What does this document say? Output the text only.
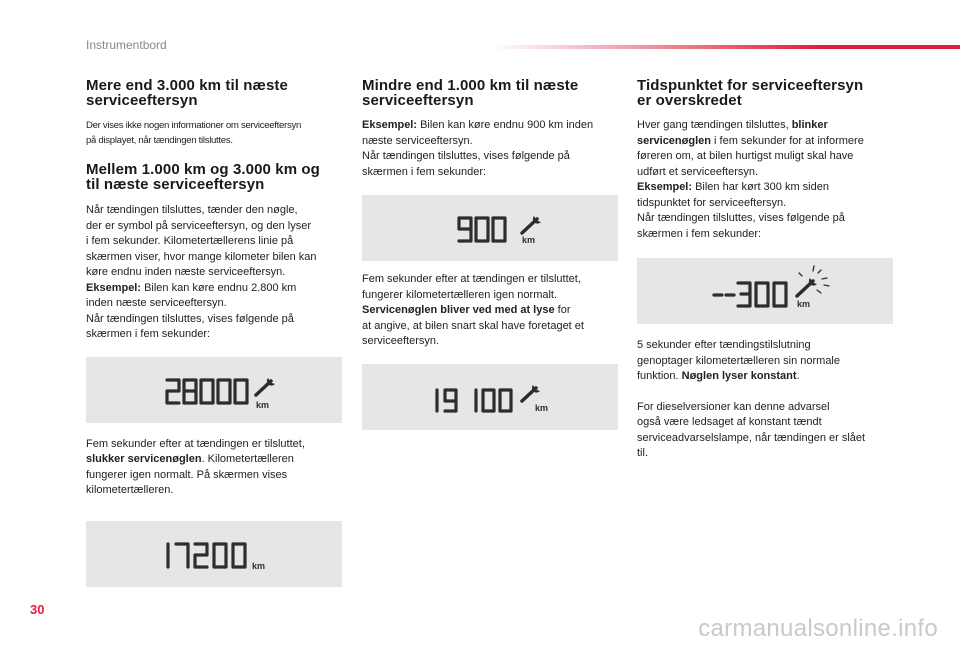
Instrumentbord
Mere end 3.000 km til næste
serviceeftersyn

Der vises ikke nogen informationer om serviceeftersyn
på displayet, når tændingen tilsluttes.

Mellem 1.000 km og 3.000 km og
til næste serviceeftersyn

Når tændingen tilsluttes, tænder den nøgle,
der er symbol på serviceeftersyn, og den lyser
i fem sekunder. Kilometertællerens linie på
skærmen viser, hvor mange kilometer bilen kan
køre endnu inden næste serviceeftersyn.
Eksempel: Bilen kan køre endnu 2.800 km
inden næste serviceeftersyn.
Når tændingen tilsluttes, vises følgende på
skærmen i fem sekunder:

km

Fem sekunder efter at tændingen er tilsluttet,
slukker servicenøglen. Kilometertælleren
fungerer igen normalt. På skærmen vises
kilometertælleren.

km
Mindre end 1.000 km til næste
serviceeftersyn

Eksempel: Bilen kan køre endnu 900 km inden
næste serviceeftersyn.
Når tændingen tilsluttes, vises følgende på
skærmen i fem sekunder:

km

Fem sekunder efter at tændingen er tilsluttet,
fungerer kilometertælleren igen normalt.
Servicenøglen bliver ved med at lyse for
at angive, at bilen snart skal have foretaget et
serviceeftersyn.

km
Tidspunktet for serviceeftersyn
er overskredet

Hver gang tændingen tilsluttes, blinker
servicenøglen i fem sekunder for at informere
føreren om, at bilen hurtigst muligt skal have
udført et serviceeftersyn.
Eksempel: Bilen har kørt 300 km siden
tidspunktet for serviceeftersyn.
Når tændingen tilsluttes, vises følgende på
skærmen i fem sekunder:

km

5 sekunder efter tændingstilslutning
genoptager kilometertælleren sin normale
funktion. Nøglen lyser konstant.

For dieselversioner kan denne advarsel
også være ledsaget af konstant tændt
serviceadvarselslampe, når tændingen er slået
til.

30
carmanualsonline.info
